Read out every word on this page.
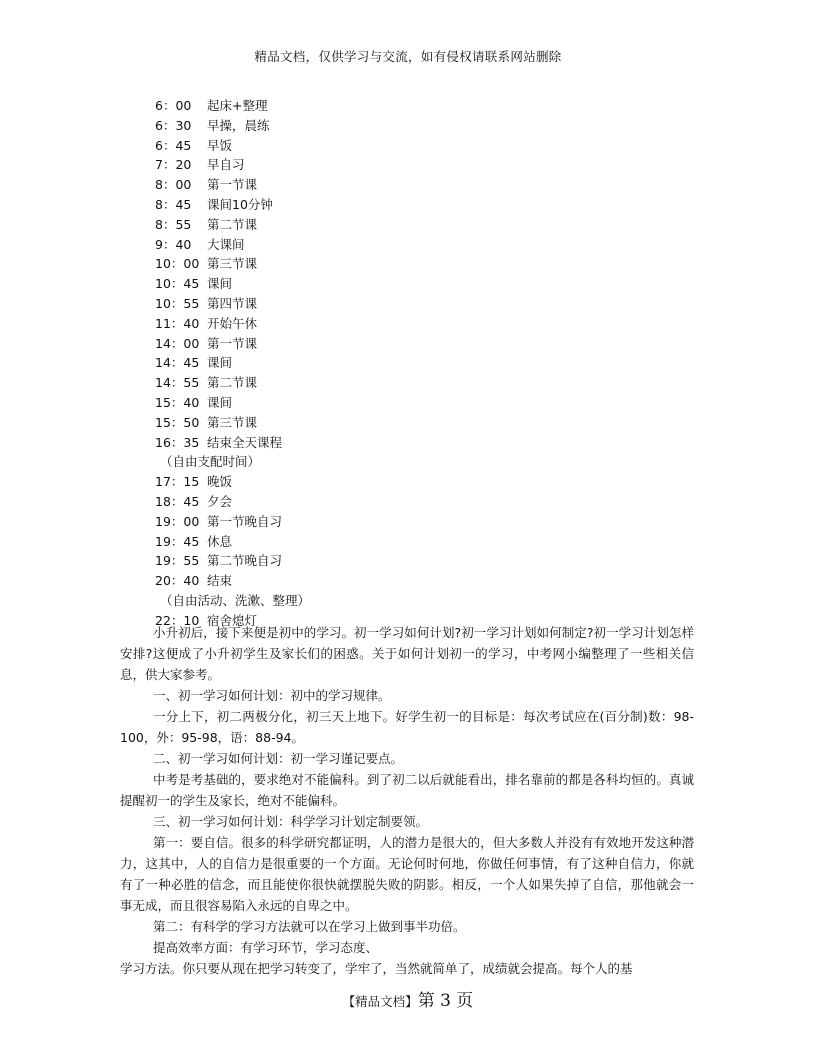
精品文档，仅供学习与交流，如有侵权请联系网站删除
6：00 起床+整理
6：30 早操，晨练
6：45 早饭
7：20 早自习
8：00 第一节课
8：45 课间10分钟
8：55 第二节课
9：40 大课间
10：00 第三节课
10：45 课间
10：55 第四节课
11：40 开始午休
14：00 第一节课
14：45 课间
14：55 第二节课
15：40 课间
15：50 第三节课
16：35 结束全天课程
（自由支配时间）
17：15 晚饭
18：45 夕会
19：00 第一节晚自习
19：45 休息
19：55 第二节晚自习
20：40 结束
（自由活动、洗漱、整理）
22：10 宿舍熄灯

小升初后，接下来便是初中的学习。初一学习如何计划?初一学习计划如何制定?初一学习计划怎样安排?这便成了小升初学生及家长们的困惑。关于如何计划初一的学习，中考网小编整理了一些相关信息，供大家参考。

一、初一学习如何计划：初中的学习规律。

一分上下，初二两极分化，初三天上地下。好学生初一的目标是：每次考试应在(百分制)数：98-100，外：95-98，语：88-94。

二、初一学习如何计划：初一学习谨记要点。

中考是考基础的，要求绝对不能偏科。到了初二以后就能看出，排名靠前的都是各科均恒的。真诚提醒初一的学生及家长，绝对不能偏科。

三、初一学习如何计划：科学学习计划定制要领。

第一：要自信。很多的科学研究都证明，人的潜力是很大的，但大多数人并没有有效地开发这种潜力，这其中，人的自信力是很重要的一个方面。无论何时何地，你做任何事情，有了这种自信力，你就有了一种必胜的信念，而且能使你很快就摆脱失败的阴影。相反，一个人如果失掉了自信，那他就会一事无成，而且很容易陷入永远的自卑之中。

第二：有科学的学习方法就可以在学习上做到事半功倍。

提高效率方面：有学习环节，学习态度、

学习方法。你只要从现在把学习转变了，学牢了，当然就简单了，成绩就会提高。每个人的基

【精品文档】第 3 页
